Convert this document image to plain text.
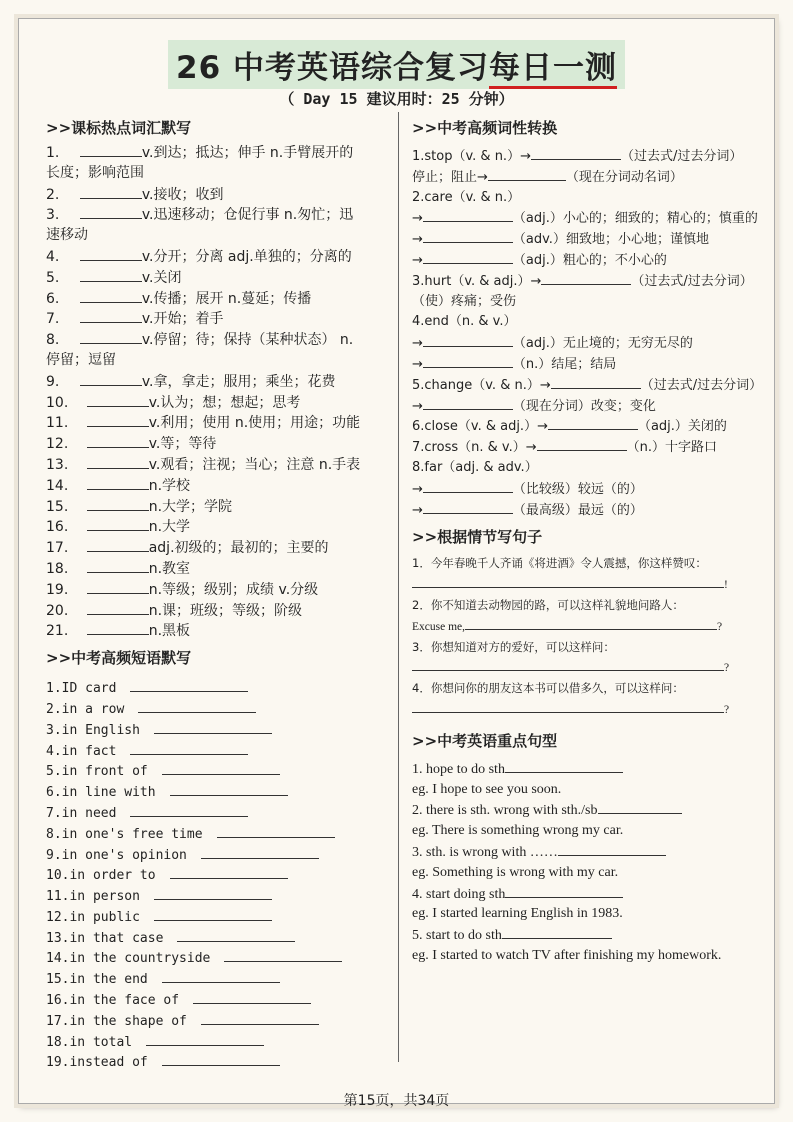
26 中考英语综合复习每日一测
（ Day 15 建议用时：25 分钟）
>>课标热点词汇默写
1.	v.到达；抵达；伸手 n.手臂展开的
长度；影响范围
2.	v.接收；收到
3.	v.迅速移动；仓促行事 n.匆忙；迅
速移动
4.	v.分开；分离 adj.单独的；分离的
5.	v.关闭
6.	v.传播；展开 n.蔓延；传播
7.	v.开始；着手
8.	v.停留；待；保持（某种状态） n.
停留；逗留
9.	v.拿，拿走；服用；乘坐；花费
10.	v.认为；想；想起；思考
11.	v.利用；使用 n.使用；用途；功能
12.	v.等；等待
13.	v.观看；注视；当心；注意 n.手表
14.	n.学校
15.	n.大学；学院
16.	n.大学
17.	adj.初级的；最初的；主要的
18.	n.教室
19.	n.等级；级别；成绩 v.分级
20.	n.课；班级；等级；阶级
21.	n.黑板
>>中考高频短语默写
1.ID card
2.in a row
3.in English
4.in fact
5.in front of
6.in line with
7.in need
8.in one's free time
9.in one's opinion
10.in order to
11.in person
12.in public
13.in that case
14.in the countryside
15.in the end
16.in the face of
17.in the shape of
18.in total
19.instead of
>>中考高频词性转换
1.stop（v. & n.）→	（过去式/过去分词）
停止；阻止→	（现在分词动名词）
2.care（v. & n.）
→	（adj.）小心的；细致的；精心的；慎重的
→	（adv.）细致地；小心地；谨慎地
→	（adj.）粗心的；不小心的
3.hurt（v. & adj.）→	（过去式/过去分词）
（使）疼痛；受伤
4.end（n. & v.）
→	（adj.）无止境的；无穷无尽的
→	（n.）结尾；结局
5.change（v. & n.）→	（过去式/过去分词）
→	（现在分词）改变；变化
6.close（v. & adj.）→	（adj.）关闭的
7.cross（n. & v.）→	（n.）十字路口
8.far（adj. & adv.）
→	（比较级）较远（的）
→	（最高级）最远（的）
>>根据情节写句子
1．今年春晚千人齐诵《将进酒》令人震撼，你这样赞叹：
!
2．你不知道去动物园的路，可以这样礼貌地问路人：
Excuse me,	?
3．你想知道对方的爱好，可以这样问：
?
4．你想问你的朋友这本书可以借多久，可以这样问：
?
>>中考英语重点句型
1. hope to do sth
eg. I hope to see you soon.
2. there is sth. wrong with sth./sb
eg. There is something wrong my car.
3. sth. is wrong with ……
eg. Something is wrong with my car.
4. start doing sth
eg. I started learning English in 1983.
5. start to do sth
eg. I started to watch TV after finishing my homework.
第15页，共34页
